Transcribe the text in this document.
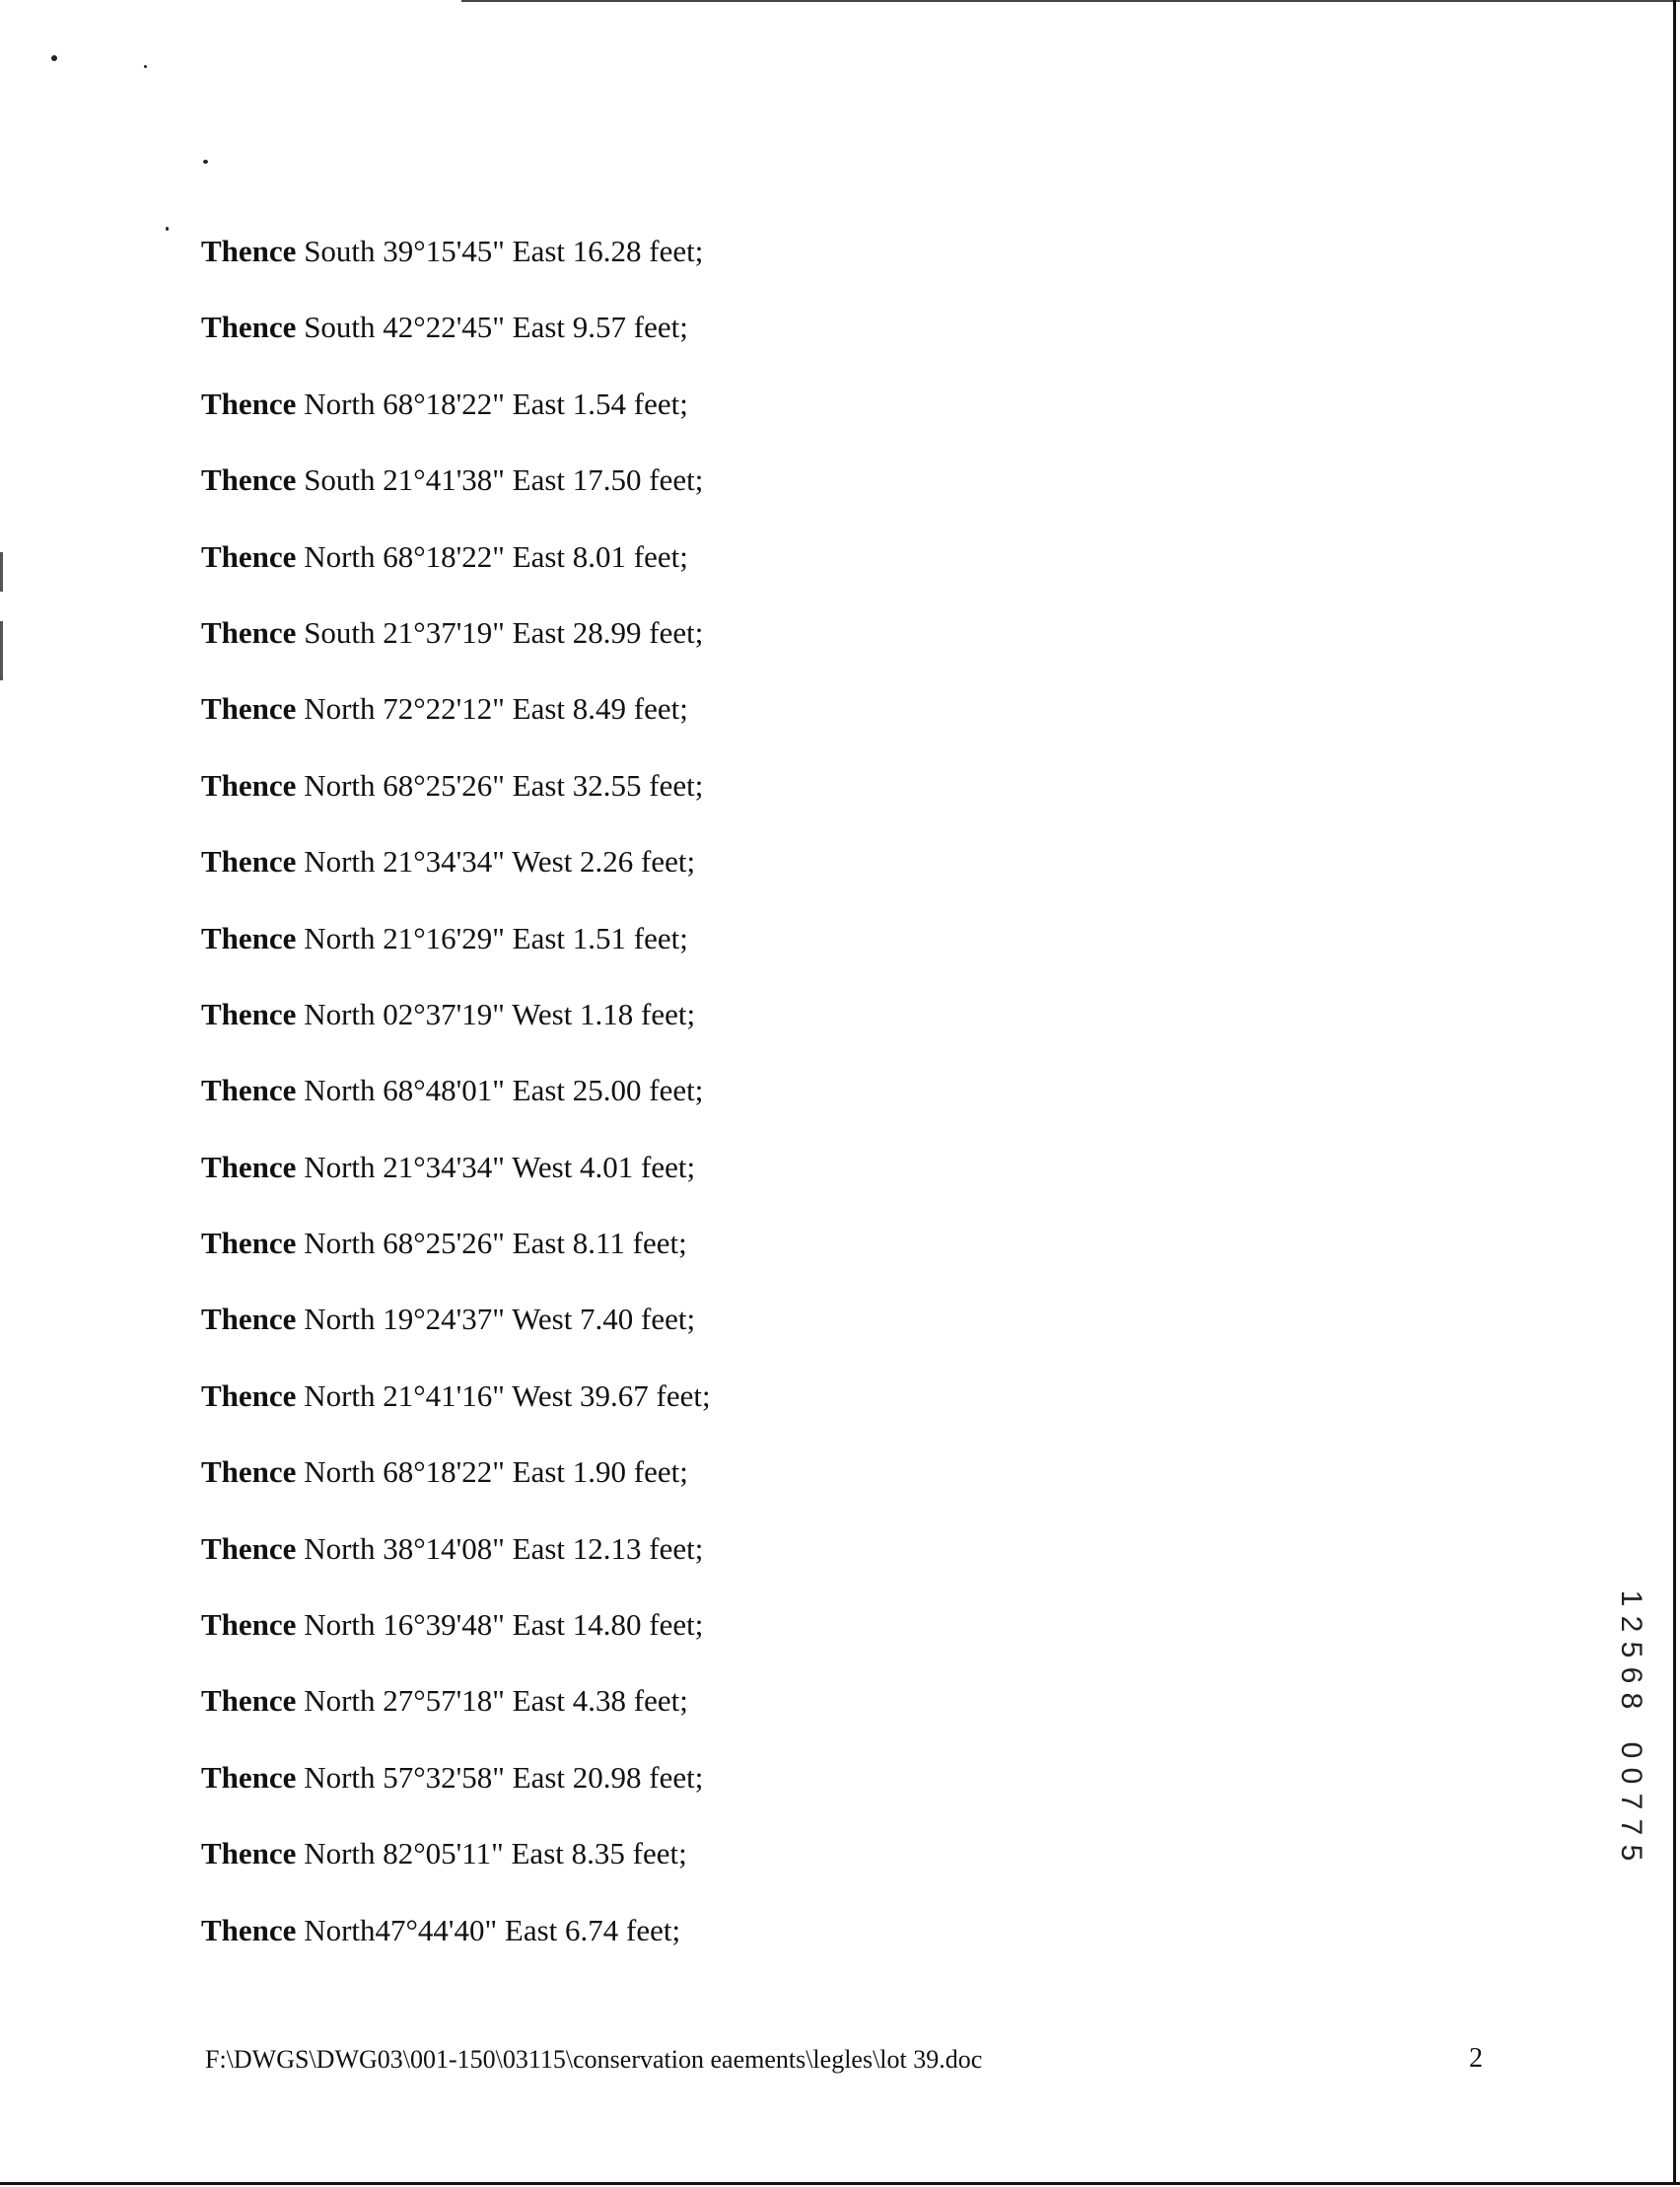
Thence South 39°15'45" East 16.28 feet;
Thence South 42°22'45" East 9.57 feet;
Thence North 68°18'22" East 1.54 feet;
Thence South 21°41'38" East 17.50 feet;
Thence North 68°18'22" East 8.01 feet;
Thence South 21°37'19" East 28.99 feet;
Thence North 72°22'12" East 8.49 feet;
Thence North 68°25'26" East 32.55 feet;
Thence North 21°34'34" West 2.26 feet;
Thence North 21°16'29" East 1.51 feet;
Thence North 02°37'19" West 1.18 feet;
Thence North 68°48'01" East 25.00 feet;
Thence North 21°34'34" West 4.01 feet;
Thence North 68°25'26" East 8.11 feet;
Thence North 19°24'37" West 7.40 feet;
Thence North 21°41'16" West 39.67 feet;
Thence North 68°18'22" East 1.90 feet;
Thence North 38°14'08" East 12.13 feet;
Thence North 16°39'48" East 14.80 feet;
Thence North 27°57'18" East 4.38 feet;
Thence North 57°32'58" East 20.98 feet;
Thence North 82°05'11" East 8.35 feet;
Thence North47°44'40" East 6.74 feet;
F:\DWGS\DWG03\001-150\03115\conservation eaements\legles\lot 39.doc	2
1
2
5
6
8
0
0
7
7
5
